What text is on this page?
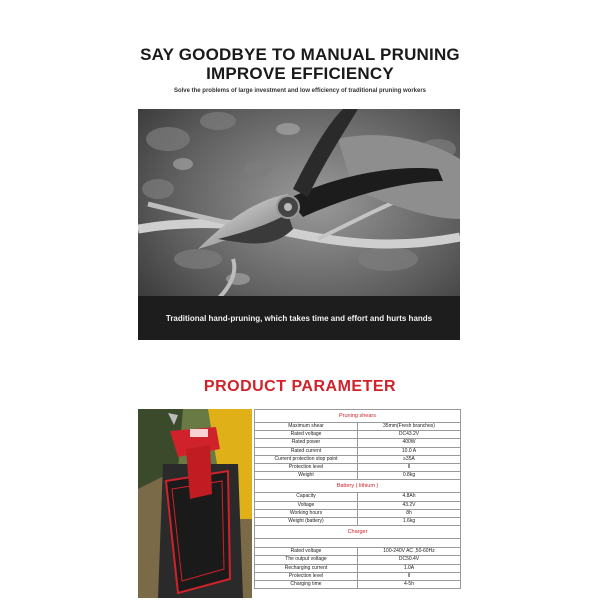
SAY GOODBYE TO MANUAL PRUNING
IMPROVE EFFICIENCY
Solve the problems of large investment and low efficiency of traditional pruning workers
Traditional hand-pruning, which takes time and effort and hurts hands
PRODUCT PARAMETER
Pruning shears	
Maximum shear	35mm(Fresh branches)
Rated voltage	DC43.2V
Rated power	400W
Rated current	10.0 A
Current protection stop point	≥35A
Protection level	II
Weight	0.8kg
Battery ( lithium )	
Capacity	4.8Ah
Voltage	43.2V
Working hours	8h
Weight (battery)	1.6kg
Charger	

Rated voltage	100-240V AC ,50-60Hz
The output voltage	DC50.4V
Recharging current	1.0A
Protection level	II
Charging time	4-5h
